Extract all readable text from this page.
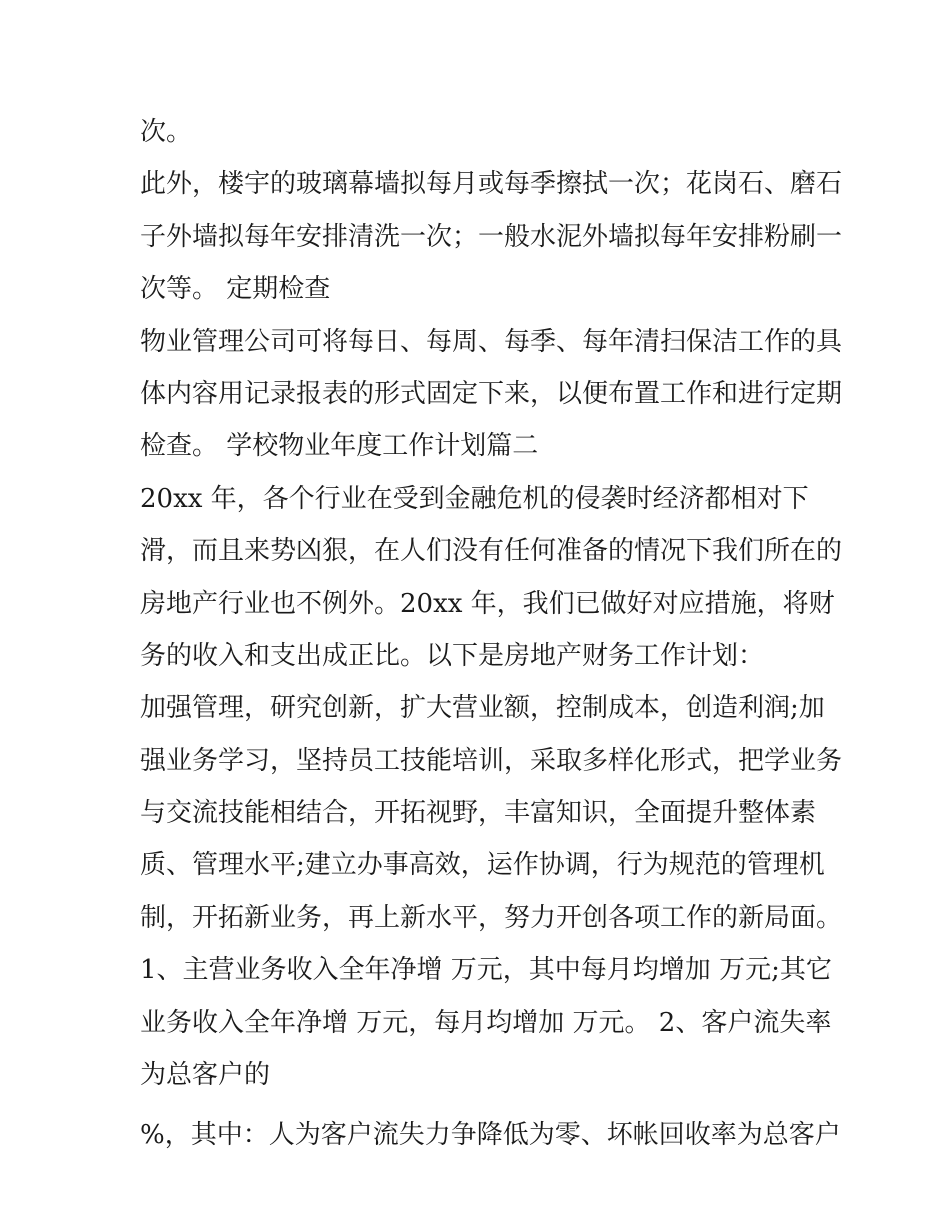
次。
此外，楼宇的玻璃幕墙拟每月或每季擦拭一次；花岗石、磨石
子外墙拟每年安排清洗一次；一般水泥外墙拟每年安排粉刷一
次等。 定期检查
物业管理公司可将每日、每周、每季、每年清扫保洁工作的具
体内容用记录报表的形式固定下来，以便布置工作和进行定期
检查。 学校物业年度工作计划篇二
20xx 年，各个行业在受到金融危机的侵袭时经济都相对下
滑，而且来势凶狠，在人们没有任何准备的情况下我们所在的
房地产行业也不例外。20xx 年，我们已做好对应措施，将财
务的收入和支出成正比。以下是房地产财务工作计划：
加强管理，研究创新，扩大营业额，控制成本，创造利润;加
强业务学习，坚持员工技能培训，采取多样化形式，把学业务
与交流技能相结合，开拓视野，丰富知识，全面提升整体素
质、管理水平;建立办事高效，运作协调，行为规范的管理机
制，开拓新业务，再上新水平，努力开创各项工作的新局面。
1、主营业务收入全年净增 万元，其中每月均增加 万元;其它
业务收入全年净增 万元，每月均增加 万元。 2、客户流失率
为总客户的
%，其中：人为客户流失力争降低为零、坏帐回收率为总客户
